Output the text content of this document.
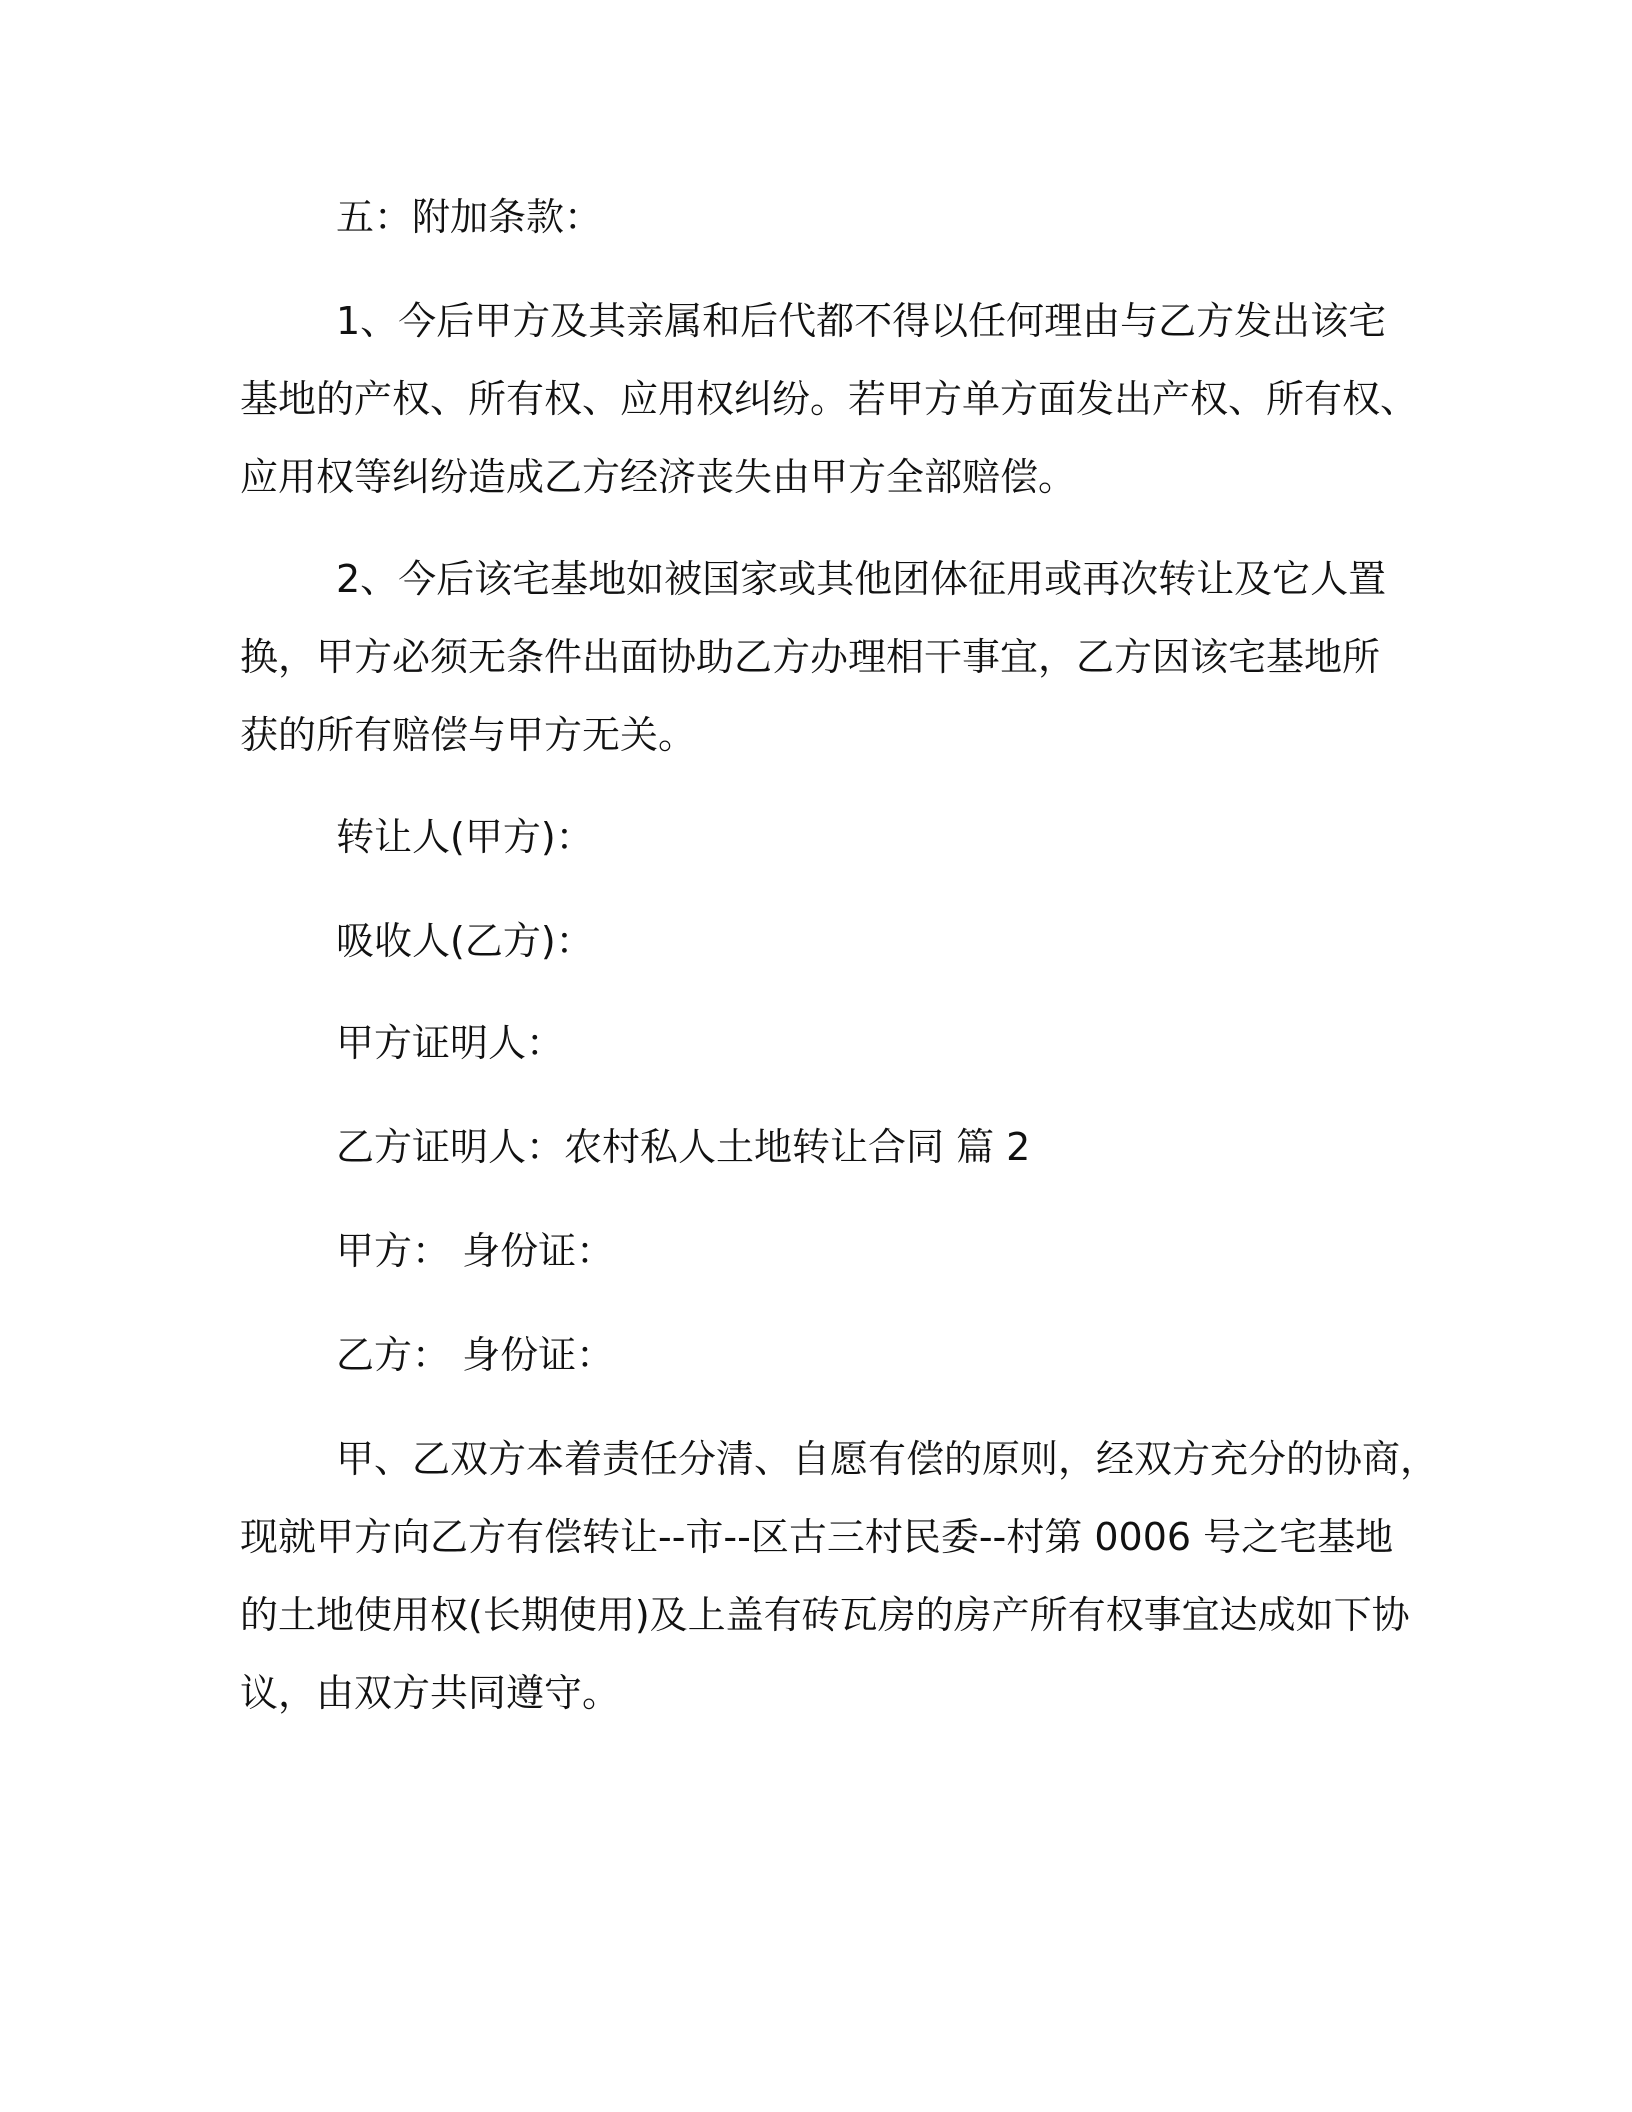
五：附加条款：

1、今后甲方及其亲属和后代都不得以任何理由与乙方发出该宅
基地的产权、所有权、应用权纠纷。若甲方单方面发出产权、所有权、
应用权等纠纷造成乙方经济丧失由甲方全部赔偿。
2、今后该宅基地如被国家或其他团体征用或再次转让及它人置
换，甲方必须无条件出面协助乙方办理相干事宜，乙方因该宅基地所
获的所有赔偿与甲方无关。

转让人(甲方)：

吸收人(乙方)：

甲方证明人：

乙方证明人：农村私人土地转让合同 篇 2

甲方： 身份证：

乙方： 身份证：

甲、乙双方本着责任分清、自愿有偿的原则，经双方充分的协商，
现就甲方向乙方有偿转让--市--区古三村民委--村第 0006 号之宅基地
的土地使用权(长期使用)及上盖有砖瓦房的房产所有权事宜达成如下协
议，由双方共同遵守。
